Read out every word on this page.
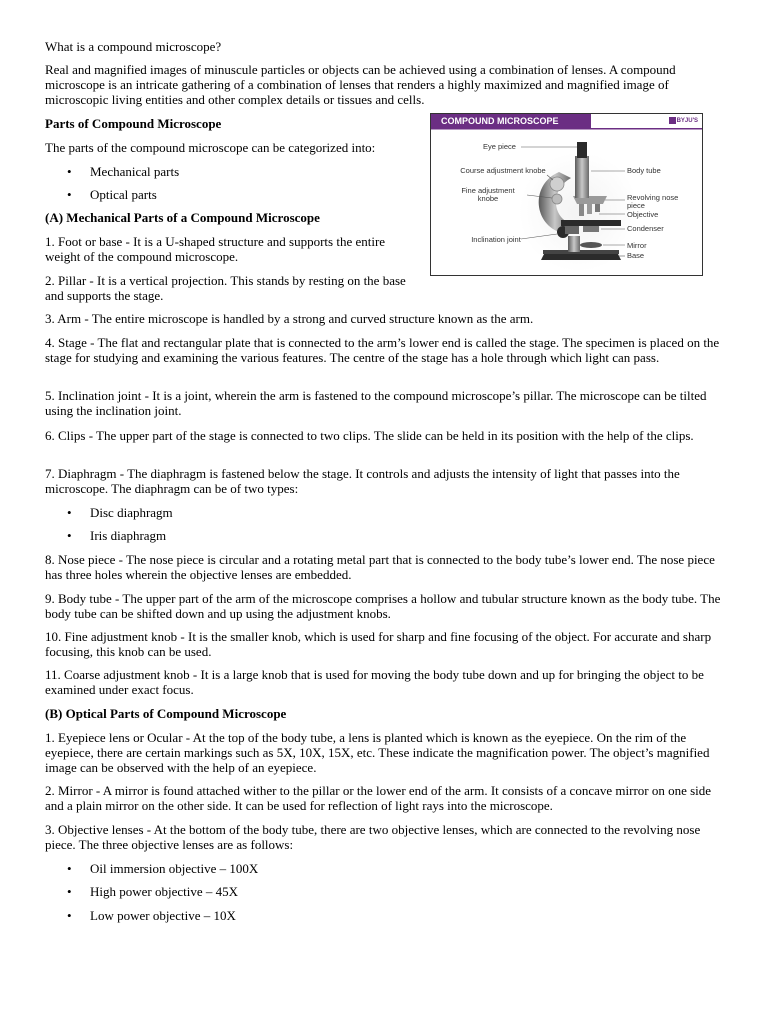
What is a compound microscope?

Real and magnified images of minuscule particles or objects can be achieved using a combination of lenses. A compound microscope is an intricate gathering of a combination of lenses that renders a highly maximized and magnified image of microscopic living entities and other complex details or tissues and cells.

Parts of Compound Microscope

The parts of the compound microscope can be categorized into:

• Mechanical parts

• Optical parts

(A) Mechanical Parts of a Compound Microscope

1. Foot or base - It is a U-shaped structure and supports the entire weight of the compound microscope.

2. Pillar - It is a vertical projection. This stands by resting on the base and supports the stage.

3. Arm - The entire microscope is handled by a strong and curved structure known as the arm.

4. Stage - The flat and rectangular plate that is connected to the arm’s lower end is called the stage. The specimen is placed on the stage for studying and examining the various features. The centre of the stage has a hole through which light can pass.

5. Inclination joint - It is a joint, wherein the arm is fastened to the compound microscope’s pillar. The microscope can be tilted using the inclination joint.

6. Clips - The upper part of the stage is connected to two clips. The slide can be held in its position with the help of the clips.

7. Diaphragm - The diaphragm is fastened below the stage. It controls and adjusts the intensity of light that passes into the microscope. The diaphragm can be of two types:

• Disc diaphragm

• Iris diaphragm

8. Nose piece - The nose piece is circular and a rotating metal part that is connected to the body tube’s lower end. The nose piece has three holes wherein the objective lenses are embedded.

9. Body tube - The upper part of the arm of the microscope comprises a hollow and tubular structure known as the body tube. The body tube can be shifted down and up using the adjustment knobs.

10. Fine adjustment knob - It is the smaller knob, which is used for sharp and fine focusing of the object. For accurate and sharp focusing, this knob can be used.

11. Coarse adjustment knob - It is a large knob that is used for moving the body tube down and up for bringing the object to be examined under exact focus.

(B) Optical Parts of Compound Microscope

1. Eyepiece lens or Ocular - At the top of the body tube, a lens is planted which is known as the eyepiece. On the rim of the eyepiece, there are certain markings such as 5X, 10X, 15X, etc. These indicate the magnification power. The object’s magnified image can be observed with the help of an eyepiece.

2. Mirror - A mirror is found attached wither to the pillar or the lower end of the arm. It consists of a concave mirror on one side and a plain mirror on the other side. It can be used for reflection of light rays into the microscope.

3. Objective lenses - At the bottom of the body tube, there are two objective lenses, which are connected to the revolving nose piece. The three objective lenses are as follows:

• Oil immersion objective – 100X

• High power objective – 45X

• Low power objective – 10X

COMPOUND MICROSCOPE	BYJU'S
Eye piece
Course adjustment knobe
Fine adjustment knobe
Inclination joint
Body tube
Revolving nose piece
Objective
Condenser
Mirror
Base
